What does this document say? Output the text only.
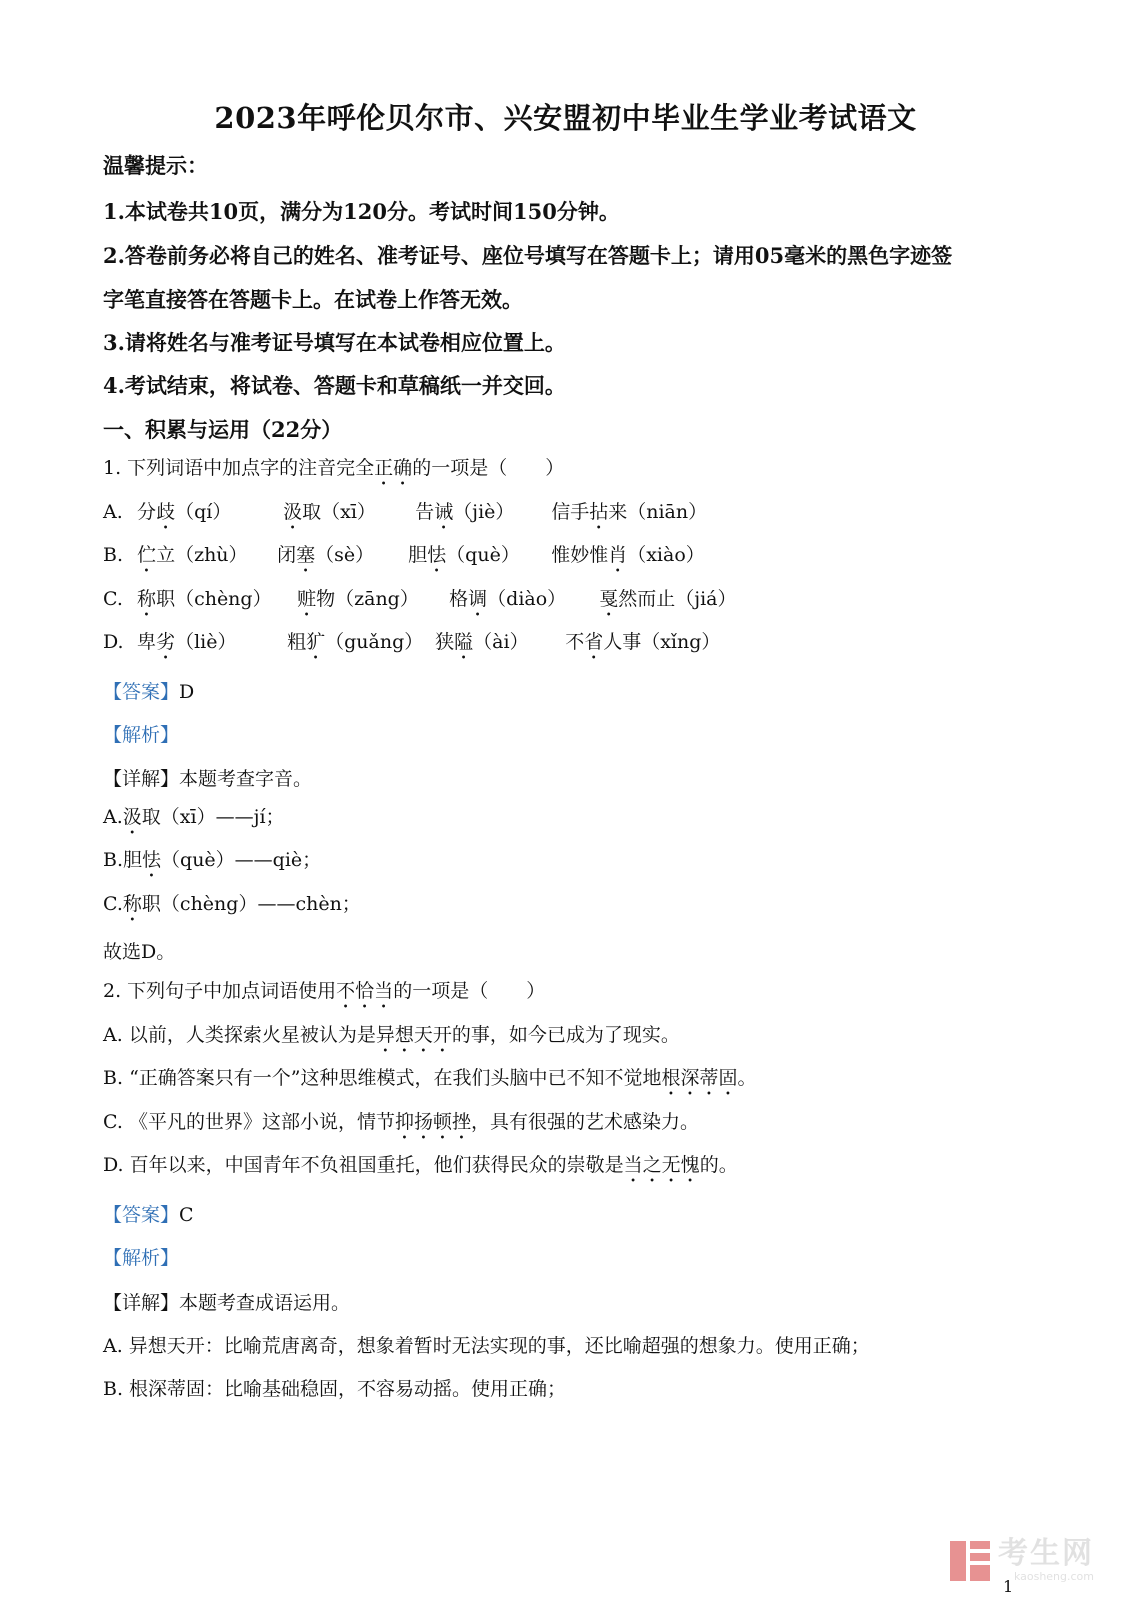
2023年呼伦贝尔市、兴安盟初中毕业生学业考试语文
温馨提示：
1.本试卷共10页，满分为120分。考试时间150分钟。
2.答卷前务必将自己的姓名、准考证号、座位号填写在答题卡上；请用05毫米的黑色字迹签
字笔直接答在答题卡上。在试卷上作答无效。
3.请将姓名与准考证号填写在本试卷相应位置上。
4.考试结束，将试卷、答题卡和草稿纸一并交回。
一、积累与运用（22分）
1. 下列词语中加点字的注音完全正确的一项是（　　）
A. 分歧（qí）	汲取（xī） 告诫（jiè） 信手拈来（niān）
B. 伫立（zhù） 闭塞（sè） 胆怯（què） 惟妙惟肖（xiào）
C. 称职（chèng） 赃物（zāng） 格调（diào） 戛然而止（jiá）
D. 卑劣（liè）	粗犷（guǎng） 狭隘（ài） 不省人事（xǐng）
【答案】D
【解析】
【详解】本题考查字音。
A.汲取（xī）——jí；
B.胆怯（què）——qiè；
C.称职（chèng）——chèn；
故选D。
2. 下列句子中加点词语使用不恰当的一项是（　　）
A. 以前，人类探索火星被认为是异想天开的事，如今已成为了现实。
B. “正确答案只有一个”这种思维模式，在我们头脑中已不知不觉地根深蒂固。
C. 《平凡的世界》这部小说，情节抑扬顿挫，具有很强的艺术感染力。
D. 百年以来，中国青年不负祖国重托，他们获得民众的崇敬是当之无愧的。
【答案】C
【解析】
【详解】本题考查成语运用。
A. 异想天开：比喻荒唐离奇，想象着暂时无法实现的事，还比喻超强的想象力。使用正确；
B. 根深蒂固：比喻基础稳固，不容易动摇。使用正确；
考生网
kaosheng.com
1
